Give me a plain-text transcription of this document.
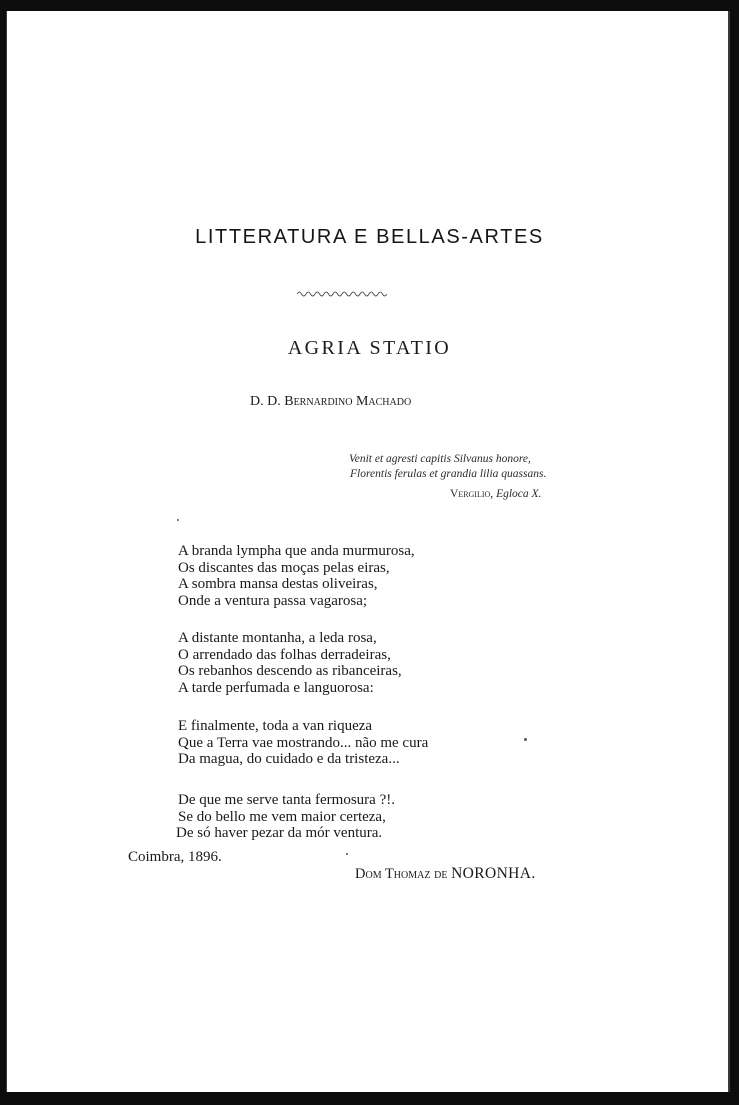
LITTERATURA E BELLAS-ARTES
AGRIA STATIO
D. D. Bernardino Machado
Venit et agresti capitis Silvanus honore,
Florentis ferulas et grandia lilia quassans.
Vergilio, Egloca X.
A branda lympha que anda murmurosa,
Os discantes das moças pelas eiras,
A sombra mansa destas oliveiras,
Onde a ventura passa vagarosa;
A distante montanha, a leda rosa,
O arrendado das folhas derradeiras,
Os rebanhos descendo as ribanceiras,
A tarde perfumada e languorosa:
E finalmente, toda a van riqueza
Que a Terra vae mostrando... não me cura
Da magua, do cuidado e da tristeza...
De que me serve tanta fermosura ?!.
Se do bello me vem maior certeza,
De só haver pezar da mór ventura.
Coimbra, 1896.
Dom Thomaz de NORONHA.
